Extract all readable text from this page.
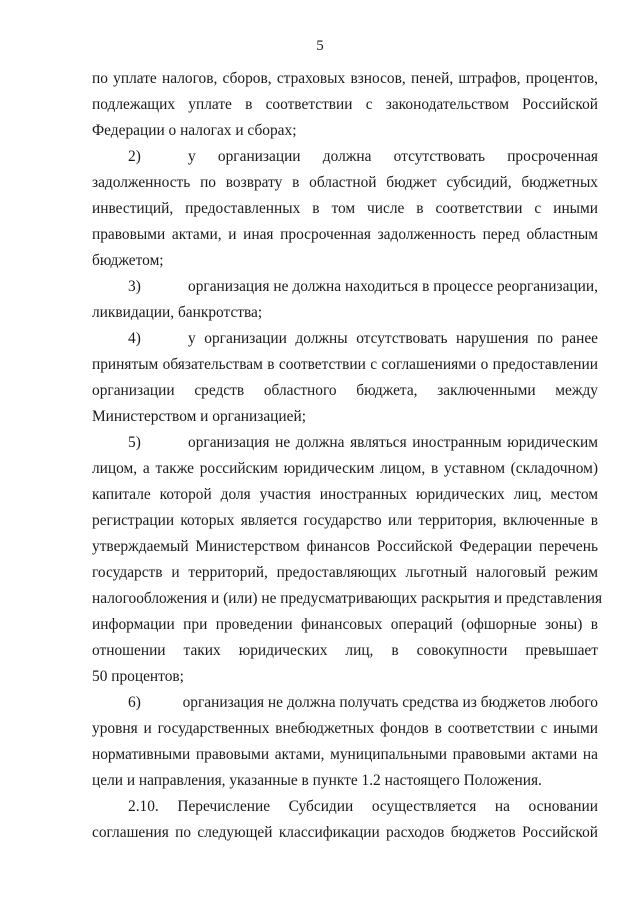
5
по уплате налогов, сборов, страховых взносов, пеней, штрафов, процентов,
подлежащих уплате в соответствии с законодательством Российской
Федерации о налогах и сборах;
2)	у организации должна отсутствовать просроченная
задолженность по возврату в областной бюджет субсидий, бюджетных
инвестиций, предоставленных в том числе в соответствии с иными
правовыми актами, и иная просроченная задолженность перед областным
бюджетом;
3)	организация не должна находиться в процессе реорганизации,
ликвидации, банкротства;
4)	у организации должны отсутствовать нарушения по ранее
принятым обязательствам в соответствии с соглашениями о предоставлении
организации средств областного бюджета, заключенными между
Министерством и организацией;
5)	организация не должна являться иностранным юридическим
лицом, а также российским юридическим лицом, в уставном (складочном)
капитале которой доля участия иностранных юридических лиц, местом
регистрации которых является государство или территория, включенные в
утверждаемый Министерством финансов Российской Федерации перечень
государств и территорий, предоставляющих льготный налоговый режим
налогообложения и (или) не предусматривающих раскрытия и представления
информации при проведении финансовых операций (офшорные зоны) в
отношении таких юридических лиц, в совокупности превышает
50 процентов;
6)	организация не должна получать средства из бюджетов любого
уровня и государственных внебюджетных фондов в соответствии с иными
нормативными правовыми актами, муниципальными правовыми актами на
цели и направления, указанные в пункте 1.2 настоящего Положения.
2.10. Перечисление Субсидии осуществляется на основании
соглашения по следующей классификации расходов бюджетов Российской
